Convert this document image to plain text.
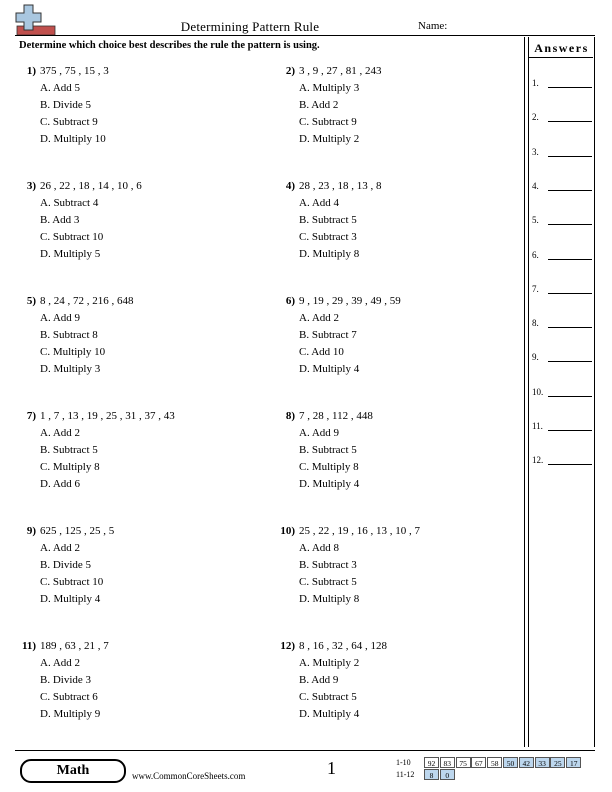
Determining Pattern Rule	Name:
Determine which choice best describes the rule the pattern is using.	Answers
1.
2.
3.
4.
5.
6.
7.
8.
9.
10.
11.
12.
1) 375 , 75 , 15 , 3
A. Add 5
B. Divide 5
C. Subtract 9
D. Multiply 10
2) 3 , 9 , 27 , 81 , 243
A. Multiply 3
B. Add 2
C. Subtract 9
D. Multiply 2
3) 26 , 22 , 18 , 14 , 10 , 6
A. Subtract 4
B. Add 3
C. Subtract 10
D. Multiply 5
4) 28 , 23 , 18 , 13 , 8
A. Add 4
B. Subtract 5
C. Subtract 3
D. Multiply 8
5) 8 , 24 , 72 , 216 , 648
A. Add 9
B. Subtract 8
C. Multiply 10
D. Multiply 3
6) 9 , 19 , 29 , 39 , 49 , 59
A. Add 2
B. Subtract 7
C. Add 10
D. Multiply 4
7) 1 , 7 , 13 , 19 , 25 , 31 , 37 , 43
A. Add 2
B. Subtract 5
C. Multiply 8
D. Add 6
8) 7 , 28 , 112 , 448
A. Add 9
B. Subtract 5
C. Multiply 8
D. Multiply 4
9) 625 , 125 , 25 , 5
A. Add 2
B. Divide 5
C. Subtract 10
D. Multiply 4
10) 25 , 22 , 19 , 16 , 13 , 10 , 7
A. Add 8
B. Subtract 3
C. Subtract 5
D. Multiply 8
11) 189 , 63 , 21 , 7
A. Add 2
B. Divide 3
C. Subtract 6
D. Multiply 9
12) 8 , 16 , 32 , 64 , 128
A. Multiply 2
B. Add 9
C. Subtract 5
D. Multiply 4
Math	www.CommonCoreSheets.com	1	1-10	92	83	75	67	58	50	42	33	25	17
11-12	8	0
